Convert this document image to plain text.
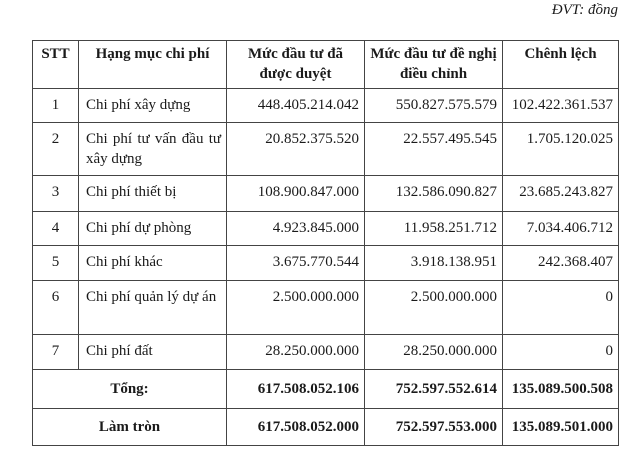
ĐVT: đồng
STT	Hạng mục chi phí	Mức đầu tư đã được duyệt	Mức đầu tư đề nghị điều chỉnh	Chênh lệch
1	Chi phí xây dựng	448.405.214.042	550.827.575.579	102.422.361.537
2	Chi phí tư vấn đầu tư xây dựng	20.852.375.520	22.557.495.545	1.705.120.025
3	Chi phí thiết bị	108.900.847.000	132.586.090.827	23.685.243.827
4	Chi phí dự phòng	4.923.845.000	11.958.251.712	7.034.406.712
5	Chi phí khác	3.675.770.544	3.918.138.951	242.368.407
6	Chi phí quản lý dự án	2.500.000.000	2.500.000.000	0
7	Chi phí đất	28.250.000.000	28.250.000.000	0
Tổng:		617.508.052.106	752.597.552.614	135.089.500.508
Làm tròn		617.508.052.000	752.597.553.000	135.089.501.000
